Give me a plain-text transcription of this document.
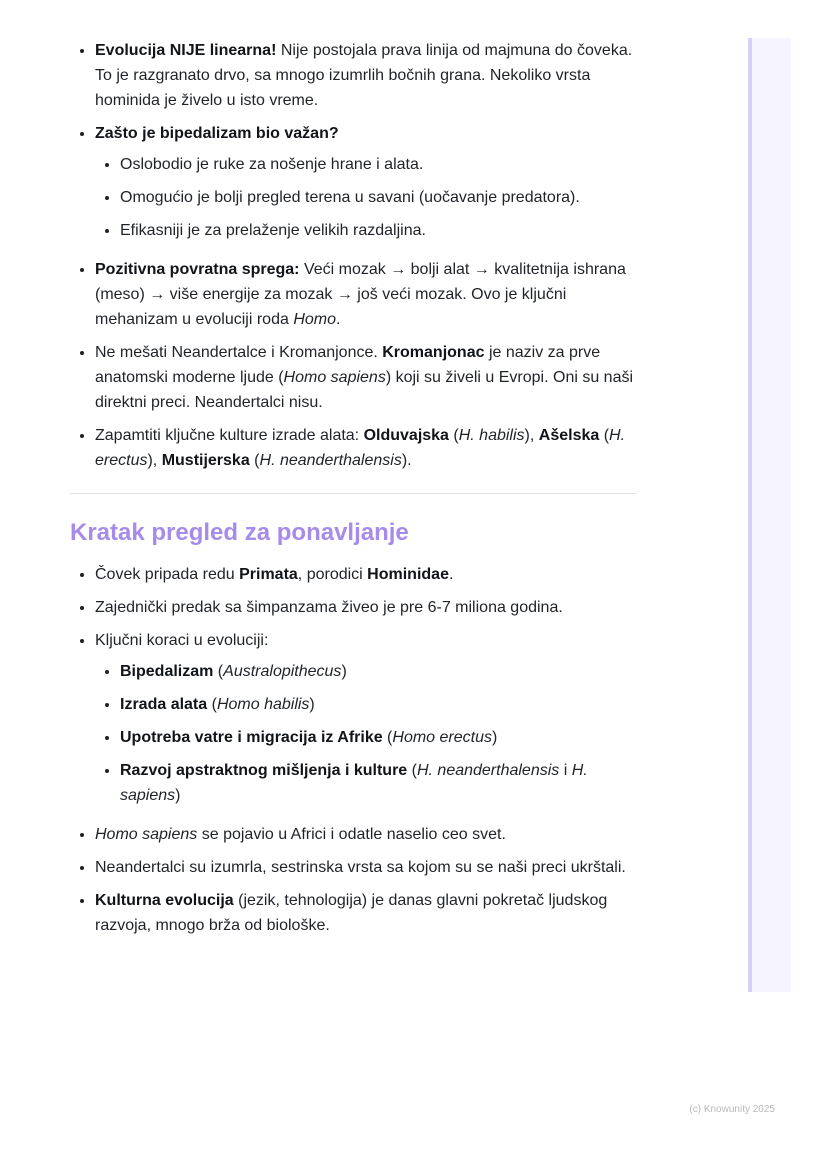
• Evolucija NIJE linearna! Nije postojala prava linija od majmuna do čoveka. To je razgranato drvo, sa mnogo izumrlih bočnih grana. Nekoliko vrsta hominida je živelo u isto vreme.
• Zašto je bipedalizam bio važan?
• Oslobodio je ruke za nošenje hrane i alata.
• Omogućio je bolji pregled terena u savani (uočavanje predatora).
• Efikasniji je za prelaženje velikih razdaljina.
• Pozitivna povratna sprega: Veći mozak → bolji alat → kvalitetnija ishrana (meso) → više energije za mozak → još veći mozak. Ovo je ključni mehanizam u evoluciji roda Homo.
• Ne mešati Neandertalce i Kromanjonce. Kromanjonac je naziv za prve anatomski moderne ljude (Homo sapiens) koji su živeli u Evropi. Oni su naši direktni preci. Neandertalci nisu.
• Zapamtiti ključne kulture izrade alata: Olduvajska (H. habilis), Ašelska (H. erectus), Mustijerska (H. neanderthalensis).
Kratak pregled za ponavljanje
• Čovek pripada redu Primata, porodici Hominidae.
• Zajednički predak sa šimpanzama živeo je pre 6-7 miliona godina.
• Ključni koraci u evoluciji:
• Bipedalizam (Australopithecus)
• Izrada alata (Homo habilis)
• Upotreba vatre i migracija iz Afrike (Homo erectus)
• Razvoj apstraktnog mišljenja i kulture (H. neanderthalensis i H. sapiens)
• Homo sapiens se pojavio u Africi i odatle naselio ceo svet.
• Neandertalci su izumrla, sestrinska vrsta sa kojom su se naši preci ukrštali.
• Kulturna evolucija (jezik, tehnologija) je danas glavni pokretač ljudskog razvoja, mnogo brža od biološke.
(c) Knowunity 2025
